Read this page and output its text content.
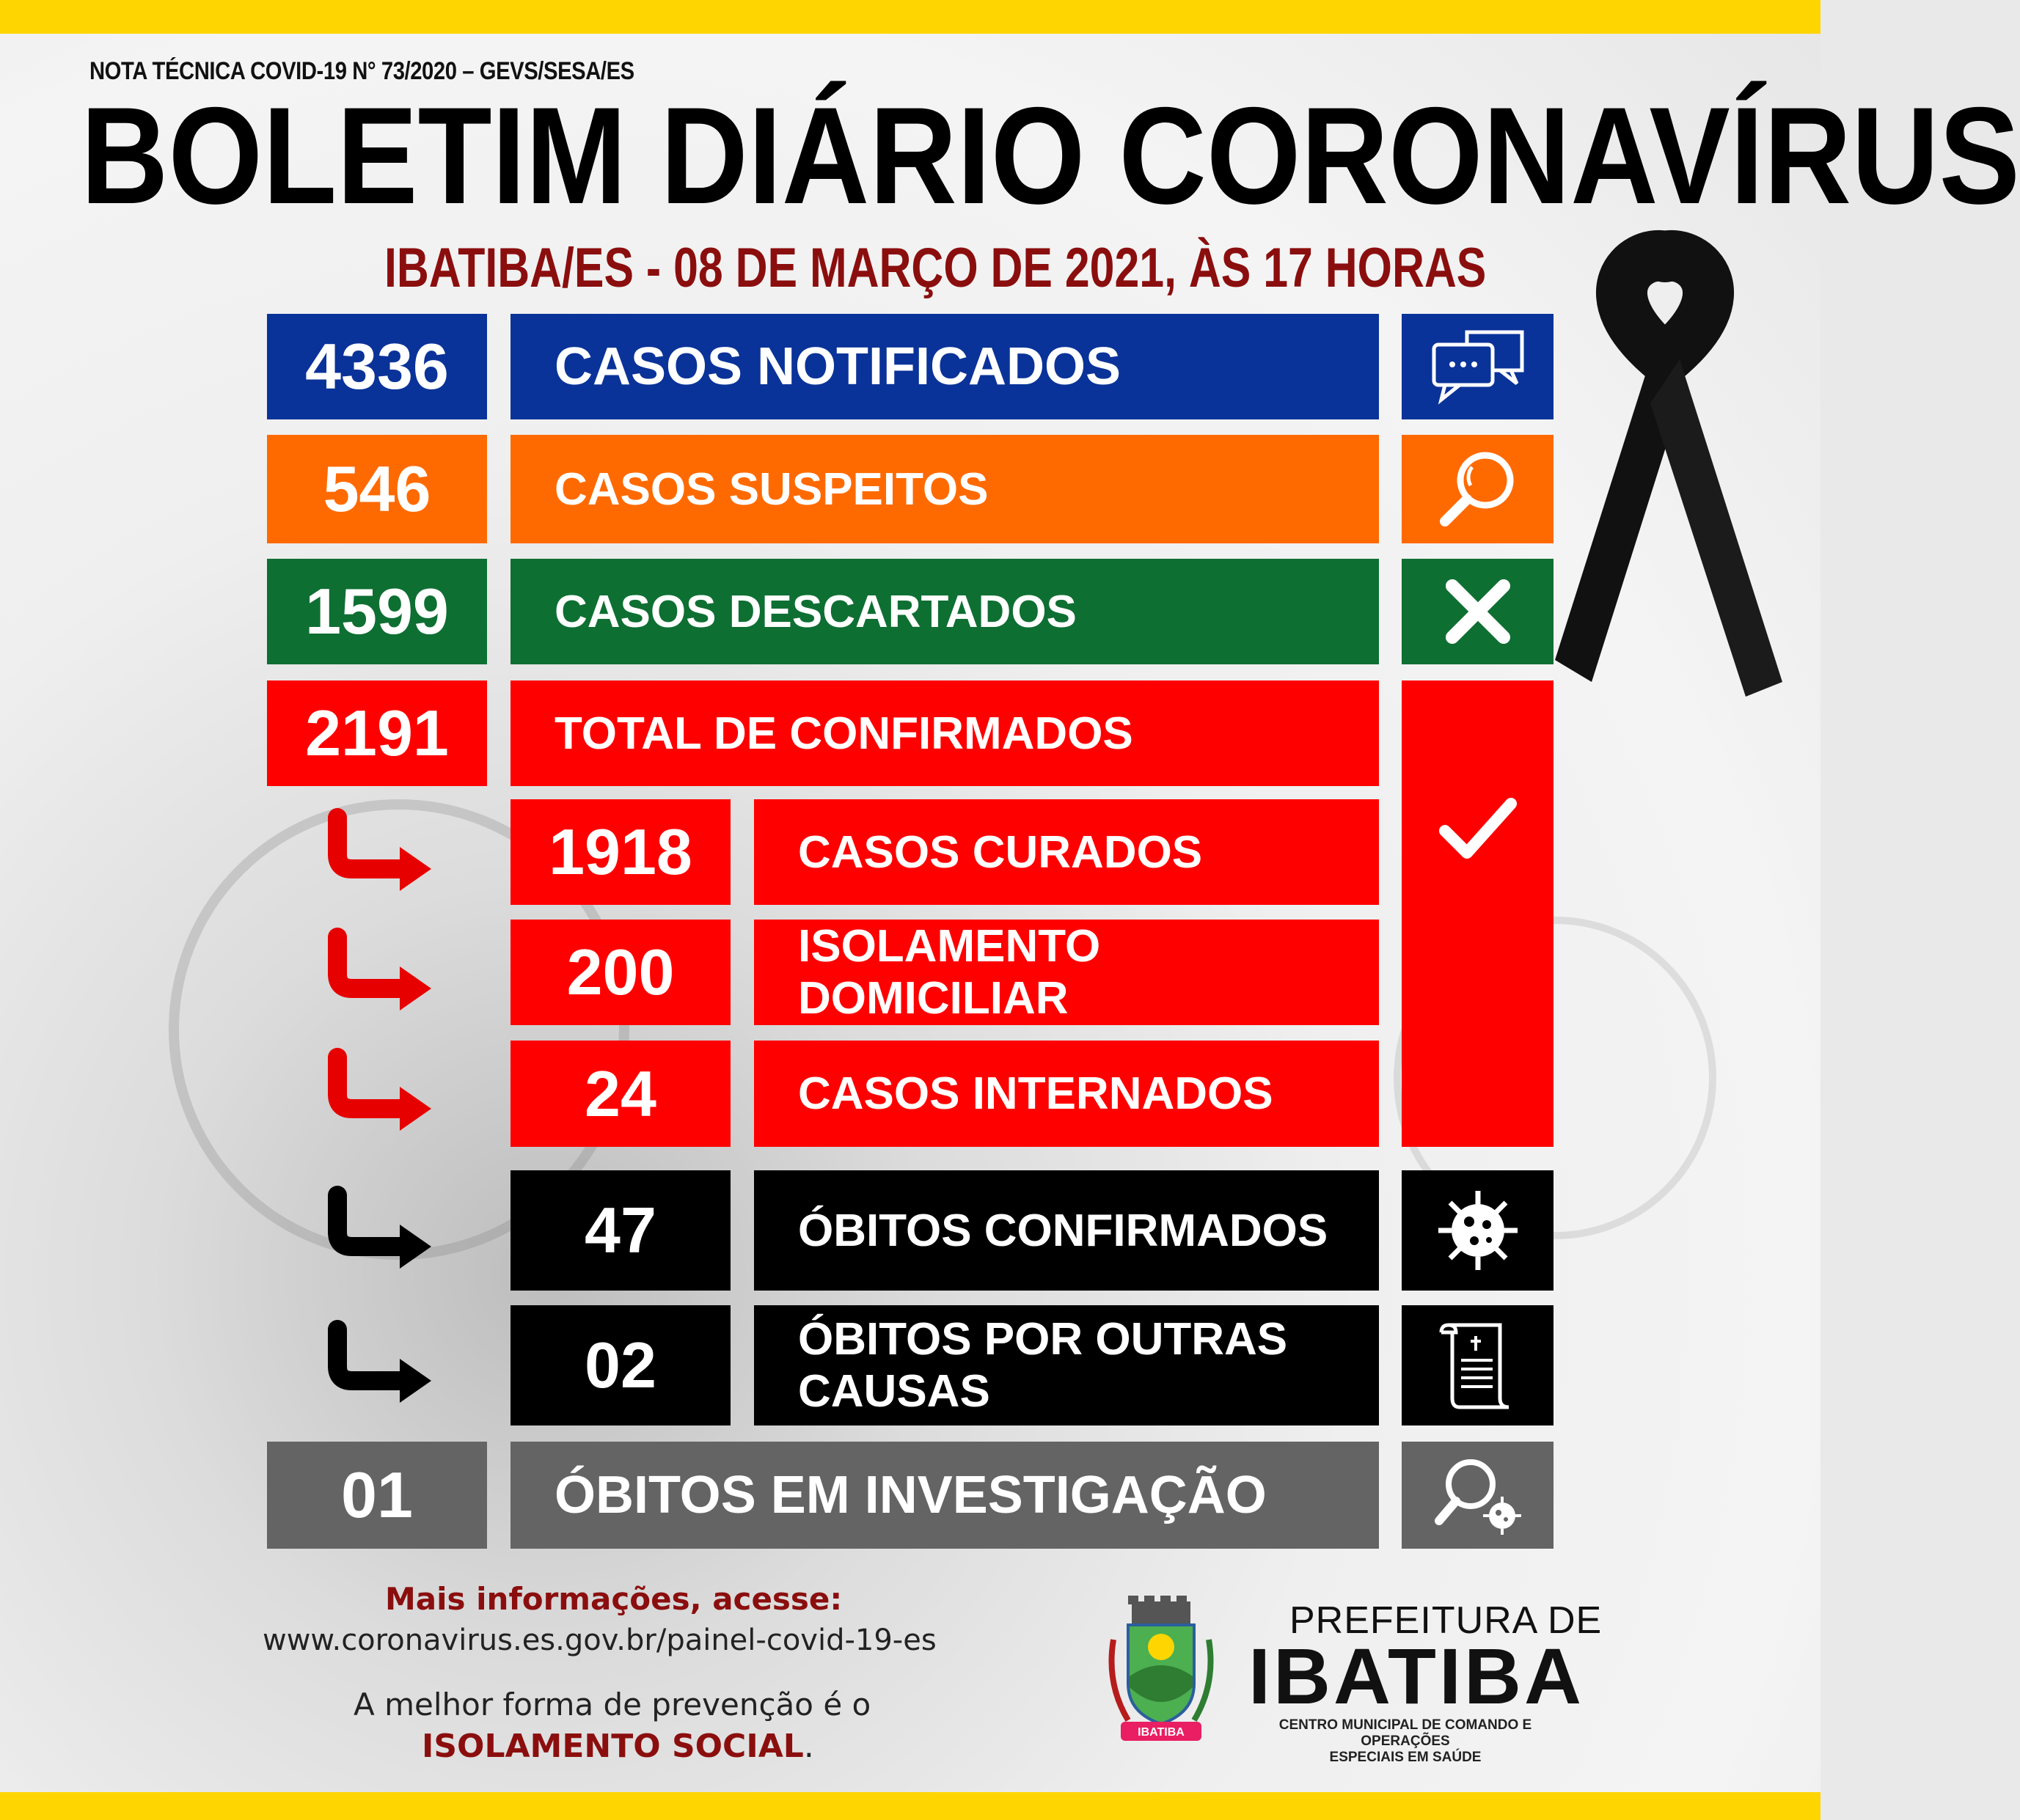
NOTA TÉCNICA COVID-19 N° 73/2020 – GEVS/SESA/ES
BOLETIM DIÁRIO CORONAVÍRUS
IBATIBA/ES - 08 DE MARÇO DE 2021, ÀS 17 HORAS
4336	CASOS NOTIFICADOS
546	CASOS SUSPEITOS
1599	CASOS DESCARTADOS
2191	TOTAL DE CONFIRMADOS
1918	CASOS CURADOS
200	ISOLAMENTO DOMICILIAR
24	CASOS INTERNADOS
47	ÓBITOS CONFIRMADOS
02	ÓBITOS POR OUTRAS
CAUSAS
01	ÓBITOS EM INVESTIGAÇÃO
Mais informações, acesse:
www.coronavirus.es.gov.br/painel-covid-19-es
A melhor forma de prevenção é o
ISOLAMENTO SOCIAL.	IBATIBA
PREFEITURA DE
IBATIBA
CENTRO MUNICIPAL DE COMANDO E OPERAÇÕES
ESPECIAIS EM SAÚDE
